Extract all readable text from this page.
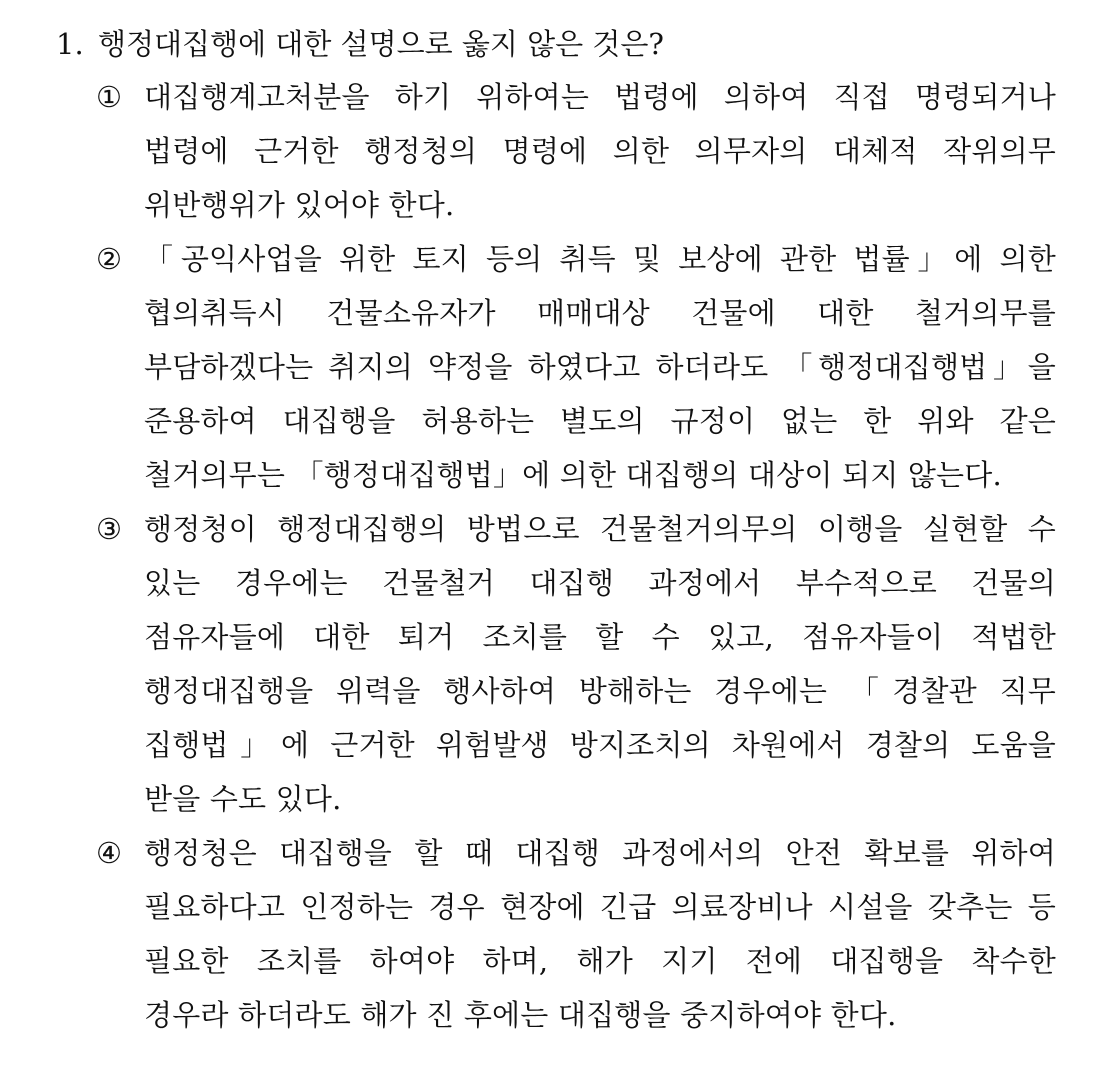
1. 행정대집행에 대한 설명으로 옳지 않은 것은?
① 대집행계고처분을 하기 위하여는 법령에 의하여 직접 명령되거나
법령에 근거한 행정청의 명령에 의한 의무자의 대체적 작위의무
위반행위가 있어야 한다.
② 「공익사업을 위한 토지 등의 취득 및 보상에 관한 법률」에 의한
협의취득시 건물소유자가 매매대상 건물에 대한 철거의무를
부담하겠다는 취지의 약정을 하였다고 하더라도 「행정대집행법」을
준용하여 대집행을 허용하는 별도의 규정이 없는 한 위와 같은
철거의무는 「행정대집행법」에 의한 대집행의 대상이 되지 않는다.
③ 행정청이 행정대집행의 방법으로 건물철거의무의 이행을 실현할 수
있는 경우에는 건물철거 대집행 과정에서 부수적으로 건물의
점유자들에 대한 퇴거 조치를 할 수 있고, 점유자들이 적법한
행정대집행을 위력을 행사하여 방해하는 경우에는 「경찰관 직무
집행법」에 근거한 위험발생 방지조치의 차원에서 경찰의 도움을
받을 수도 있다.
④ 행정청은 대집행을 할 때 대집행 과정에서의 안전 확보를 위하여
필요하다고 인정하는 경우 현장에 긴급 의료장비나 시설을 갖추는 등
필요한 조치를 하여야 하며, 해가 지기 전에 대집행을 착수한
경우라 하더라도 해가 진 후에는 대집행을 중지하여야 한다.
